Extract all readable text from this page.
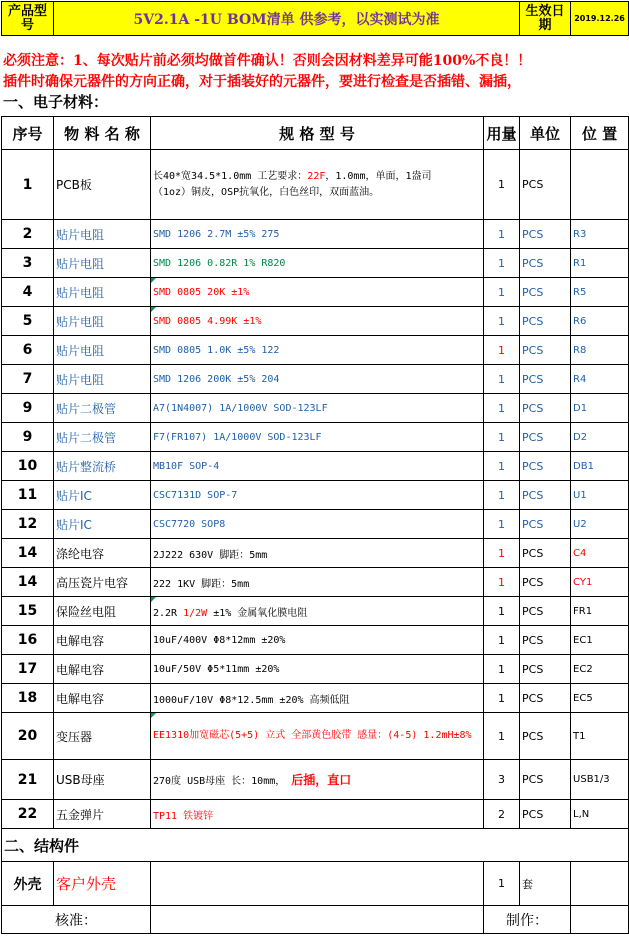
产品型号	5V2.1A -1U BOM清单 供参考，以实测试为准			生效日期	2019.12.26

序号	物 料 名 称	规 格 型 号	用量	单位	位 置
1	PCB板	长40*宽34.5*1.0mm 工艺要求：22F，1.0mm，单面，1盎司
（1oz）铜皮，OSP抗氧化，白色丝印，双面蓝油。	1	PCS	
2	贴片电阻	SMD 1206 2.7M ±5% 275	1	PCS	R3
3	贴片电阻	SMD 1206 0.82R 1% R820	1	PCS	R1
4	贴片电阻	SMD 0805 20K ±1%	1	PCS	R5
5	贴片电阻	SMD 0805 4.99K ±1%	1	PCS	R6
6	贴片电阻	SMD 0805 1.0K ±5% 122	1	PCS	R8
7	贴片电阻	SMD 1206 200K ±5% 204	1	PCS	R4
9	贴片二极管	A7(1N4007) 1A/1000V SOD-123LF	1	PCS	D1
9	贴片二极管	F7(FR107) 1A/1000V SOD-123LF	1	PCS	D2
10	贴片整流桥	MB10F SOP-4	1	PCS	DB1
11	贴片IC	CSC7131D SOP-7	1	PCS	U1
12	贴片IC	CSC7720 SOP8	1	PCS	U2
14	涤纶电容	2J222 630V 脚距：5mm	1	PCS	C4
14	高压瓷片电容	222 1KV 脚距：5mm	1	PCS	CY1
15	保险丝电阻	2.2R 1/2W ±1% 金属氧化膜电阻	1	PCS	FR1
16	电解电容	10uF/400V Φ8*12mm ±20%	1	PCS	EC1
17	电解电容	10uF/50V Φ5*11mm ±20%	1	PCS	EC2
18	电解电容	1000uF/10V Φ8*12.5mm ±20% 高频低阻	1	PCS	EC5
20	变压器	EE1310加宽磁芯(5+5) 立式 全部黄色胶带 感量：(4-5) 1.2mH±8%	1	PCS	T1
21	USB母座	270度 USB母座 长：10mm， 后插，直口	3	PCS	USB1/3
22	五金弹片	TP11 铁镀锌	2	PCS	L,N
二、结构件					
外壳	客户外壳		1	套	
核准：			制作：		
必须注意：1、每次贴片前必须均做首件确认！否则会因材料差异可能100%不良！！
插件时确保元器件的方向正确，对于插装好的元器件，要进行检查是否插错、漏插，
一、电子材料：
